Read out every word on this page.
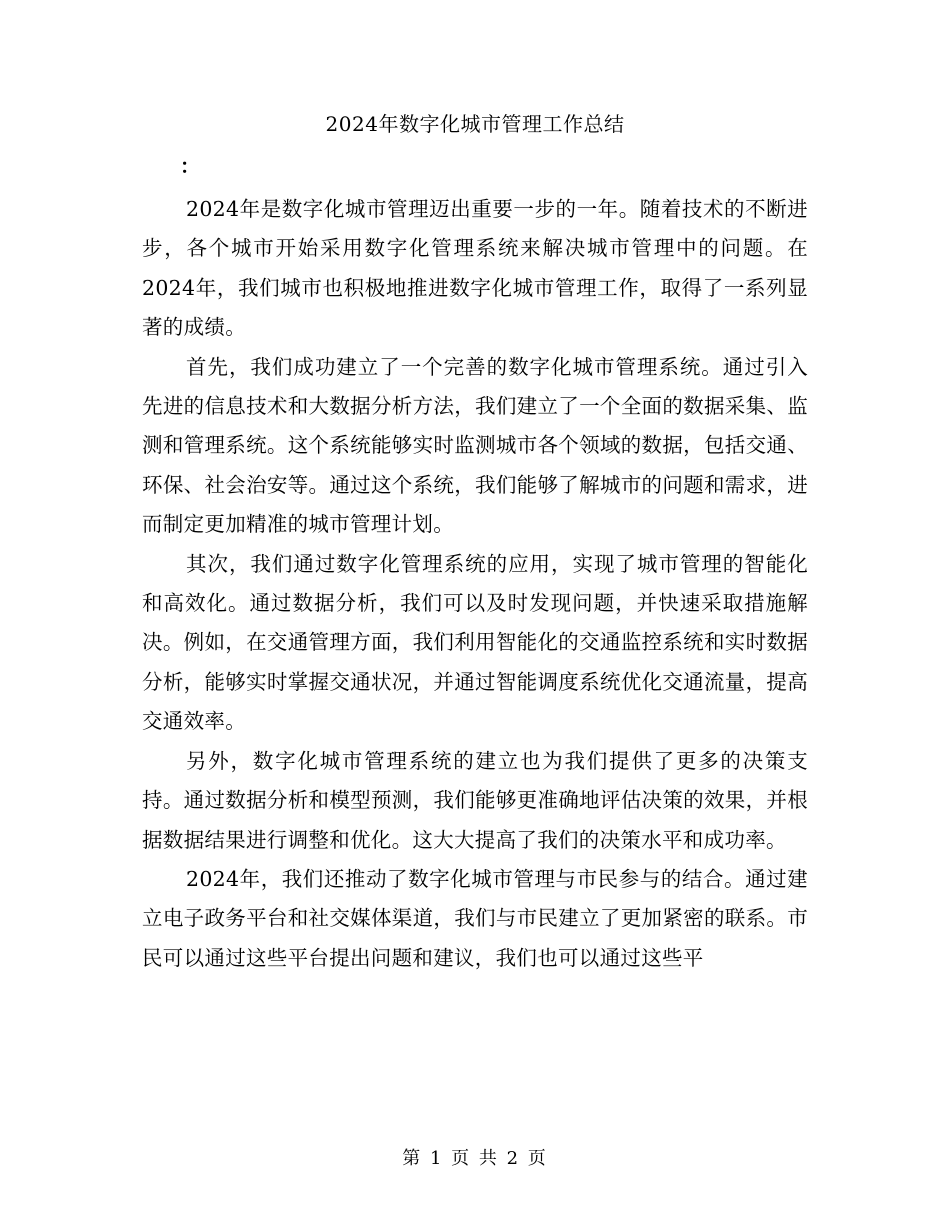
2024年数字化城市管理工作总结
：

2024年是数字化城市管理迈出重要一步的一年。随着技术的不断进步，各个城市开始采用数字化管理系统来解决城市管理中的问题。在2024年，我们城市也积极地推进数字化城市管理工作，取得了一系列显著的成绩。

首先，我们成功建立了一个完善的数字化城市管理系统。通过引入先进的信息技术和大数据分析方法，我们建立了一个全面的数据采集、监测和管理系统。这个系统能够实时监测城市各个领域的数据，包括交通、环保、社会治安等。通过这个系统，我们能够了解城市的问题和需求，进而制定更加精准的城市管理计划。

其次，我们通过数字化管理系统的应用，实现了城市管理的智能化和高效化。通过数据分析，我们可以及时发现问题，并快速采取措施解决。例如，在交通管理方面，我们利用智能化的交通监控系统和实时数据分析，能够实时掌握交通状况，并通过智能调度系统优化交通流量，提高交通效率。

另外，数字化城市管理系统的建立也为我们提供了更多的决策支持。通过数据分析和模型预测，我们能够更准确地评估决策的效果，并根据数据结果进行调整和优化。这大大提高了我们的决策水平和成功率。

2024年，我们还推动了数字化城市管理与市民参与的结合。通过建立电子政务平台和社交媒体渠道，我们与市民建立了更加紧密的联系。市民可以通过这些平台提出问题和建议，我们也可以通过这些平

第 1 页 共 2 页
